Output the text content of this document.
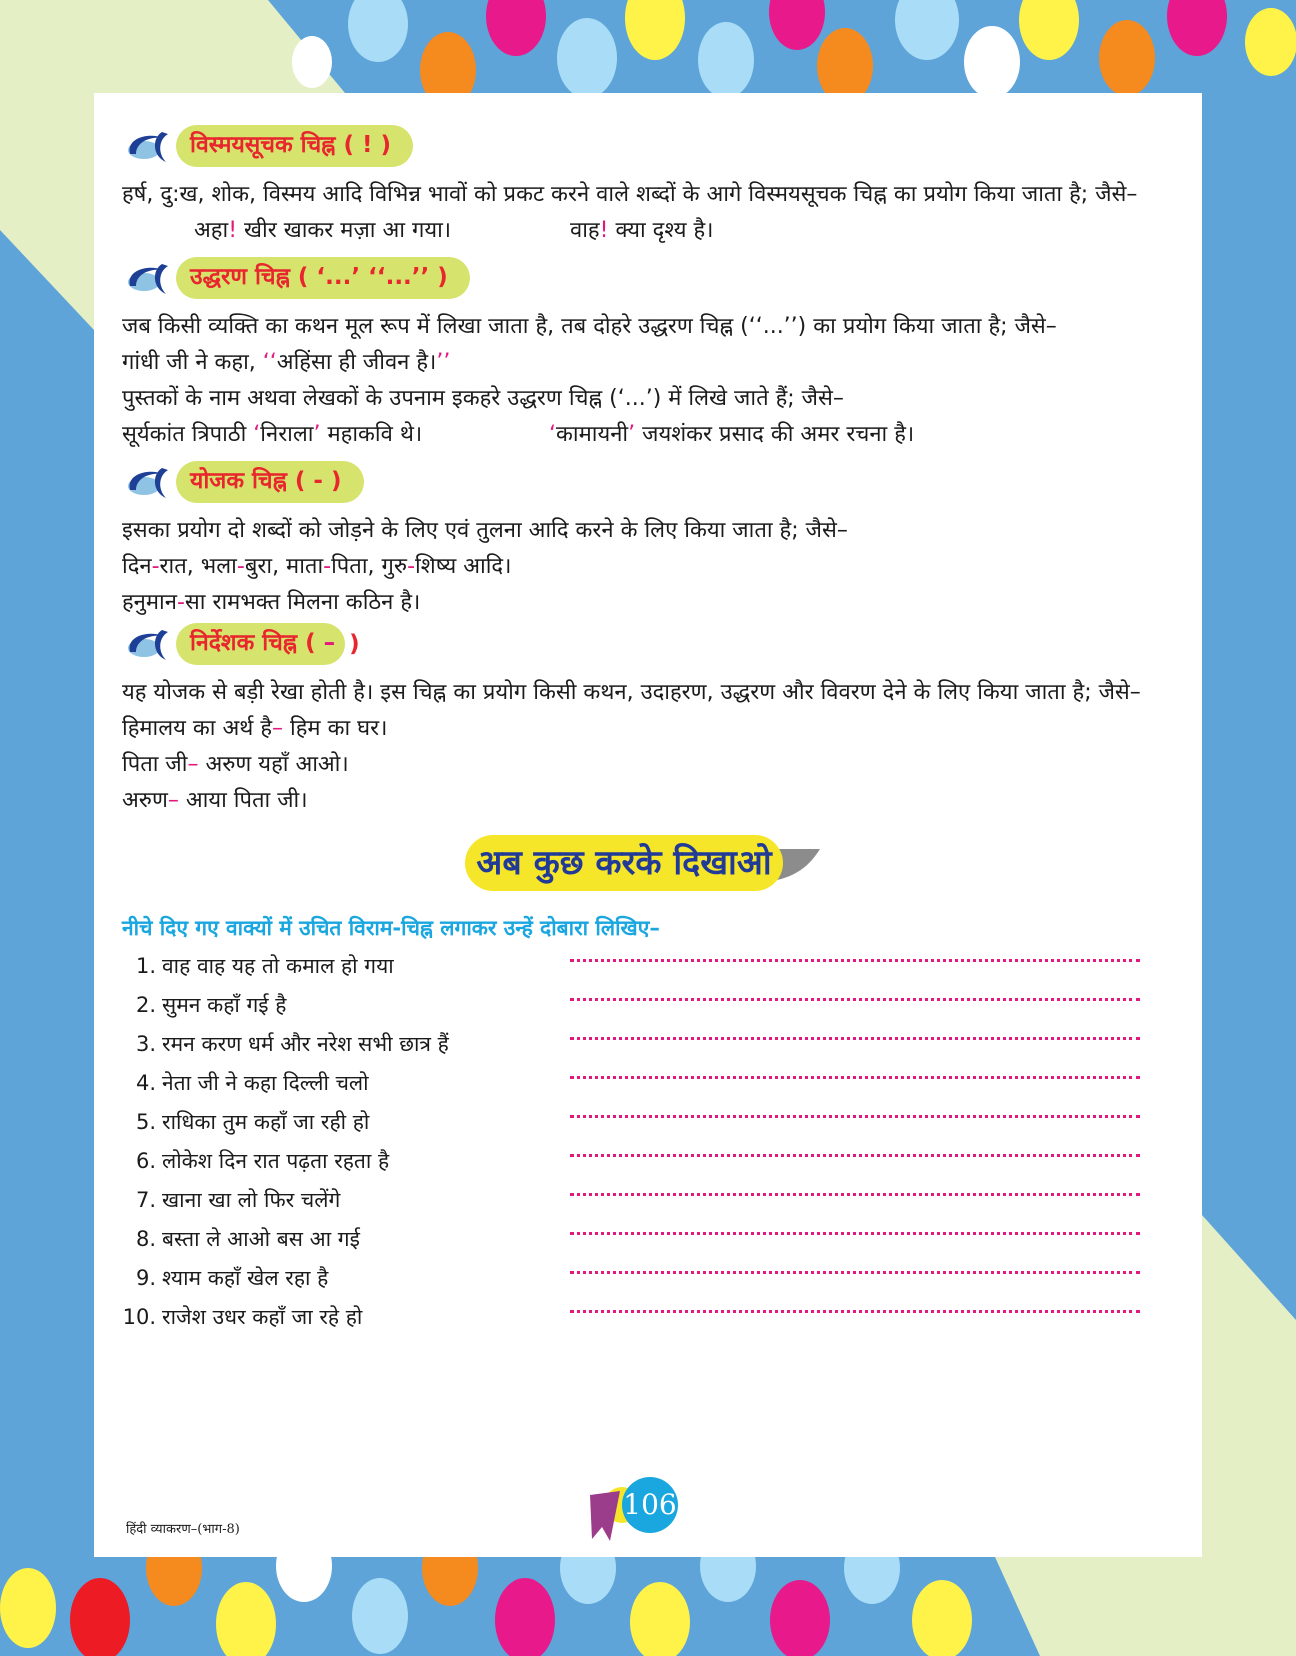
विस्मयसूचक चिह्न ( ! )

हर्ष, दु:ख, शोक, विस्मय आदि विभिन्न भावों को प्रकट करने वाले शब्दों के आगे विस्मयसूचक चिह्न का प्रयोग किया जाता है; जैसे–

अहा! खीर खाकर मज़ा आ गया।	वाह! क्या दृश्य है।
उद्धरण चिह्न ( ‘...’ ‘‘...’’ )

जब किसी व्यक्ति का कथन मूल रूप में लिखा जाता है, तब दोहरे उद्धरण चिह्न (‘‘...’’) का प्रयोग किया जाता है; जैसे–

गांधी जी ने कहा, ‘‘अहिंसा ही जीवन है।’’

पुस्तकों के नाम अथवा लेखकों के उपनाम इकहरे उद्धरण चिह्न (‘...’) में लिखे जाते हैं; जैसे–

सूर्यकांत त्रिपाठी ‘निराला’ महाकवि थे।	‘कामायनी’ जयशंकर प्रसाद की अमर रचना है।
योजक चिह्न ( - )

इसका प्रयोग दो शब्दों को जोड़ने के लिए एवं तुलना आदि करने के लिए किया जाता है; जैसे–

दिन-रात, भला-बुरा, माता-पिता, गुरु-शिष्य आदि।

हनुमान-सा रामभक्त मिलना कठिन है।

निर्देशक चिह्न ( – )

यह योजक से बड़ी रेखा होती है। इस चिह्न का प्रयोग किसी कथन, उदाहरण, उद्धरण और विवरण देने के लिए किया जाता है; जैसे–

हिमालय का अर्थ है– हिम का घर।

पिता जी– अरुण यहाँ आओ।

अरुण– आया पिता जी।

अब कुछ करके दिखाओ

नीचे दिए गए वाक्यों में उचित विराम-चिह्न लगाकर उन्हें दोबारा लिखिए–

1. वाह वाह यह तो कमाल हो गया
2. सुमन कहाँ गई है
3. रमन करण धर्म और नरेश सभी छात्र हैं
4. नेता जी ने कहा दिल्ली चलो
5. राधिका तुम कहाँ जा रही हो
6. लोकेश दिन रात पढ़ता रहता है
7. खाना खा लो फिर चलेंगे
8. बस्ता ले आओ बस आ गई
9. श्याम कहाँ खेल रहा है
10. राजेश उधर कहाँ जा रहे हो
हिंदी व्याकरण–(भाग-8)
106
